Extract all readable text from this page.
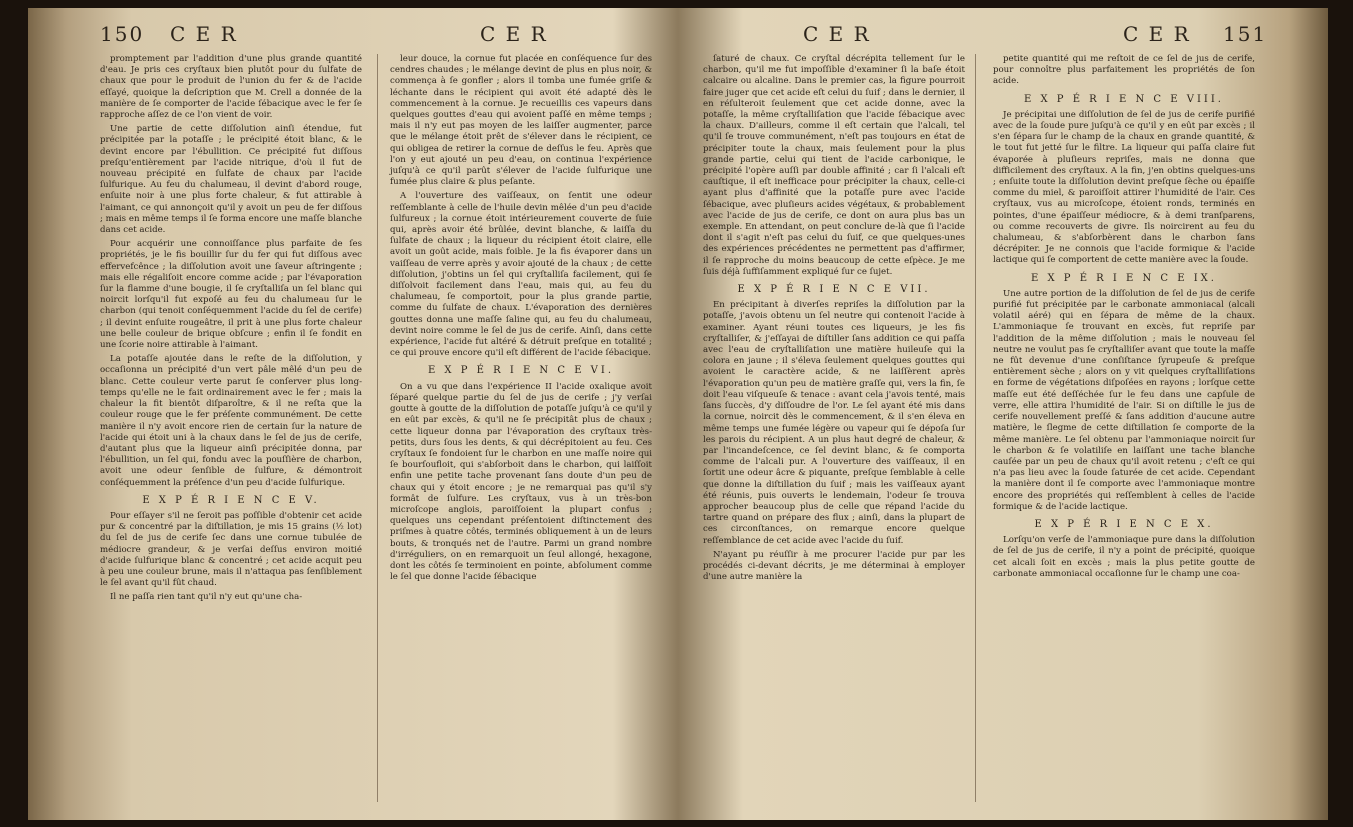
150 C E R	C E R

promptement par l'addition d'une plus grande quantité d'eau. Je pris ces cryſtaux bien plutôt pour du ſulfate de chaux que pour le produit de l'union du fer & de l'acide eſſayé, quoique la deſcription que M. Crell a donnée de la manière de ſe comporter de l'acide ſébacique avec le fer ſe rapproche aſſez de ce l'on vient de voir.

Une partie de cette diſſolution ainſi étendue, fut précipitée par la potaſſe ; le précipité étoit blanc, & le devint encore par l'ébullition. Ce précipité fut diſſous preſqu'entièrement par l'acide nitrique, d'où il fut de nouveau précipité en ſulfate de chaux par l'acide ſulfurique. Au feu du chalumeau, il devint d'abord rouge, enſuite noir à une plus forte chaleur, & fut attirable à l'aimant, ce qui annonçoit qu'il y avoit un peu de fer diſſous ; mais en même temps il ſe forma encore une maſſe blanche dans cet acide.

Pour acquérir une connoiſſance plus parfaite de ſes propriétés, je le fis bouillir ſur du fer qui fut diſſous avec effervefcênce ; la diſſolution avoit une ſaveur aſtringente ; mais elle régaliſoit encore comme acide ; par l'évaporation ſur la flamme d'une bougie, il ſe cryſtalliſa un ſel blanc qui noircit lorſqu'il fut expoſé au feu du chalumeau ſur le charbon (qui tenoit conſéquemment l'acide du ſel de cerife) ; il devint enſuite rougeâtre, il prit à une plus forte chaleur une belle couleur de brique obſcure ; enfin il ſe fondit en une ſcorie noire attirable à l'aimant.

La potaſſe ajoutée dans le reſte de la diſſolution, y occaſionna un précipité d'un vert pâle mêlé d'un peu de blanc. Cette couleur verte parut ſe conſerver plus long-temps qu'elle ne le fait ordinairement avec le fer ; mais la chaleur la fit bientôt diſparoître, & il ne reſta que la couleur rouge que le fer préſente communément. De cette manière il n'y avoit encore rien de certain ſur la nature de l'acide qui étoit uni à la chaux dans le ſel de jus de cerife, d'autant plus que la liqueur ainſi précipitée donna, par l'ébullition, un ſel qui, fondu avec la pouſſière de charbon, avoit une odeur ſenſible de ſulfure, & démontroit conſéquemment la préſence d'un peu d'acide ſulfurique.

E X P É R I E N C E V.

Pour eſſayer s'il ne ſeroit pas poſſible d'obtenir cet acide pur & concentré par la diſtillation, je mis 15 grains (½ lot) du ſel de jus de cerife ſec dans une cornue tubulée de médiocre grandeur, & je verſai deſſus environ moitié d'acide ſulfurique blanc & concentré ; cet acide acquit peu à peu une couleur brune, mais il n'attaqua pas ſenſiblement le ſel avant qu'il fût chaud.

Il ne paſſa rien tant qu'il n'y eut qu'une cha-

leur douce, la cornue fut placée en conſéquence ſur des cendres chaudes ; le mélange devint de plus en plus noir, & commença à ſe gonfler ; alors il tomba une fumée griſe & léchante dans le récipient qui avoit été adapté dès le commencement à la cornue. Je recueillis ces vapeurs dans quelques gouttes d'eau qui avoient paſſé en même temps ; mais il n'y eut pas moyen de les laiſſer augmenter, parce que le mélange étoit prêt de s'élever dans le récipient, ce qui obligea de retirer la cornue de deſſus le feu. Après que l'on y eut ajouté un peu d'eau, on continua l'expérience juſqu'à ce qu'il parût s'élever de l'acide ſulfurique une fumée plus claire & plus peſante.

A l'ouverture des vaiſſeaux, on ſentit une odeur reſſemblante à celle de l'huile devin mêlée d'un peu d'acide ſulfureux ; la cornue étoit intérieurement couverte de ſuie qui, après avoir été brûlée, devint blanche, & laiſſa du ſulfate de chaux ; la liqueur du récipient étoit claire, elle avoit un goût acide, mais foible. Je la fis évaporer dans un vaiſſeau de verre après y avoir ajouté de la chaux ; de cette diſſolution, j'obtins un ſel qui cryſtalliſa facilement, qui ſe diſſolvoit facilement dans l'eau, mais qui, au feu du chalumeau, ſe comportoit, pour la plus grande partie, comme du ſulfate de chaux. L'évaporation des dernières gouttes donna une maſſe ſaline qui, au feu du chalumeau, devint noire comme le ſel de jus de cerife. Ainſi, dans cette expérience, l'acide fut altéré & détruit preſque en totalité ; ce qui prouve encore qu'il eſt différent de l'acide ſébacique.

E X P É R I E N C E VI.

On a vu que dans l'expérience II l'acide oxalique avoit ſéparé quelque partie du ſel de jus de cerife ; j'y verſai goutte à goutte de la diſſolution de potaſſe juſqu'à ce qu'il y en eût par excès, & qu'il ne ſe précipitât plus de chaux ; cette liqueur donna par l'évaporation des cryſtaux très-petits, durs ſous les dents, & qui décrépitoient au feu. Ces cryſtaux ſe fondoient ſur le charbon en une maſſe noire qui ſe bourſoufloit, qui s'abſorboit dans le charbon, qui laiſſoit enfin une petite tache provenant ſans doute d'un peu de chaux qui y étoit encore ; je ne remarquai pas qu'il s'y formât de ſulfure. Les cryſtaux, vus à un très-bon microſcope anglois, paroiſſoient la plupart confus ; quelques uns cependant préſentoient diſtinctement des priſmes à quatre côtés, terminés obliquement à un de leurs bouts, & tronqués net de l'autre. Parmi un grand nombre d'irréguliers, on en remarquoit un ſeul allongé, hexagone, dont les côtés ſe terminoient en pointe, abſolument comme le ſel que donne l'acide ſébacique

C E R	C E R 151

ſaturé de chaux. Ce cryſtal décrépita tellement ſur le charbon, qu'il me fut impoſſible d'examiner ſi la baſe étoit calcaire ou alcaline. Dans le premier cas, la figure pourroit faire juger que cet acide eſt celui du ſuif ; dans le dernier, il en réſulteroit ſeulement que cet acide donne, avec la potaſſe, la même cryſtalliſation que l'acide ſébacique avec la chaux. D'ailleurs, comme il eſt certain que l'alcali, tel qu'il ſe trouve communément, n'eſt pas toujours en état de précipiter toute la chaux, mais ſeulement pour la plus grande partie, celui qui tient de l'acide carbonique, le précipité l'opère auſſi par double affinité ; car ſi l'alcali eſt cauſtique, il eſt inefficace pour précipiter la chaux, celle-ci ayant plus d'affinité que la potaſſe pure avec l'acide ſébacique, avec pluſieurs acides végétaux, & probablement avec l'acide de jus de cerife, ce dont on aura plus bas un exemple. En attendant, on peut conclure de-là que ſi l'acide dont il s'agit n'eſt pas celui du ſuif, ce que quelques-unes des expériences précédentes ne permettent pas d'affirmer, il ſe rapproche du moins beaucoup de cette eſpèce. Je me ſuis déjà ſuffiſamment expliqué ſur ce ſujet.

E X P É R I E N C E VII.

En précipitant à diverſes repriſes la diſſolution par la potaſſe, j'avois obtenu un ſel neutre qui contenoit l'acide à examiner. Ayant réuni toutes ces liqueurs, je les fis cryſtalliſer, & j'eſſayai de diſtiller ſans addition ce qui paſſa avec l'eau de cryſtalliſation une matière huileuſe qui la colora en jaune ; il s'éleva ſeulement quelques gouttes qui avoient le caractère acide, & ne laiſſèrent après l'évaporation qu'un peu de matière graſſe qui, vers la fin, ſe doit l'eau viſqueuſe & tenace : avant cela j'avois tenté, mais ſans ſuccès, d'y diſſoudre de l'or. Le ſel ayant été mis dans la cornue, noircit dès le commencement, & il s'en éleva en même temps une fumée légère ou vapeur qui ſe dépoſa ſur les parois du récipient. A un plus haut degré de chaleur, & par l'incandeſcence, ce ſel devint blanc, & ſe comporta comme de l'alcali pur. A l'ouverture des vaiſſeaux, il en ſortit une odeur âcre & piquante, preſque ſemblable à celle que donne la diſtillation du ſuif ; mais les vaiſſeaux ayant été réunis, puis ouverts le lendemain, l'odeur ſe trouva approcher beaucoup plus de celle que répand l'acide du tartre quand on prépare des flux ; ainſi, dans la plupart de ces circonſtances, on remarque encore quelque reſſemblance de cet acide avec l'acide du ſuif.

N'ayant pu réuſſir à me procurer l'acide pur par les procédés ci-devant décrits, je me déterminai à employer d'une autre manière la

petite quantité qui me reſtoit de ce ſel de jus de cerife, pour connoître plus parfaitement les propriétés de ſon acide.

E X P É R I E N C E VIII.

Je précipitai une diſſolution de ſel de jus de cerife purifié avec de la ſoude pure juſqu'à ce qu'il y en eût par excès ; il s'en ſépara ſur le champ de la chaux en grande quantité, & le tout fut jetté ſur le filtre. La liqueur qui paſſa claire fut évaporée à pluſieurs repriſes, mais ne donna que difficilement des cryſtaux. A la fin, j'en obtins quelques-uns ; enſuite toute la diſſolution devint preſque ſèche ou épaiſſe comme du miel, & paroiſſoit attirer l'humidité de l'air. Ces cryſtaux, vus au microſcope, étoient ronds, terminés en pointes, d'une épaiſſeur médiocre, & à demi tranſparens, ou comme recouverts de givre. Ils noircirent au feu du chalumeau, & s'abſorbèrent dans le charbon ſans décrépiter. Je ne connois que l'acide formique & l'acide lactique qui ſe comportent de cette manière avec la ſoude.

E X P É R I E N C E IX.

Une autre portion de la diſſolution de ſel de jus de cerife purifié fut précipitée par le carbonate ammoniacal (alcali volatil aéré) qui en ſépara de même de la chaux. L'ammoniaque ſe trouvant en excès, fut repriſe par l'addition de la même diſſolution ; mais le nouveau ſel neutre ne voulut pas ſe cryſtalliſer avant que toute la maſſe ne fût devenue d'une conſiſtance ſyrupeuſe & preſque entièrement sèche ; alors on y vit quelques cryſtalliſations en forme de végétations diſpoſées en rayons ; lorſque cette maſſe eut été deſſéchée ſur le feu dans une capſule de verre, elle attira l'humidité de l'air. Si on diſtille le jus de cerife nouvellement preſſé & ſans addition d'aucune autre matière, le ſlegme de cette diſtillation ſe comporte de la même manière. Le ſel obtenu par l'ammoniaque noircit ſur le charbon & ſe volatiliſe en laiſſant une tache blanche cauſée par un peu de chaux qu'il avoit retenu ; c'eſt ce qui n'a pas lieu avec la ſoude ſaturée de cet acide. Cependant la manière dont il ſe comporte avec l'ammoniaque montre encore des propriétés qui reſſemblent à celles de l'acide formique & de l'acide lactique.

E X P É R I E N C E X.

Lorſqu'on verſe de l'ammoniaque pure dans la diſſolution de ſel de jus de cerife, il n'y a point de précipité, quoique cet alcali ſoit en excès ; mais la plus petite goutte de carbonate ammoniacal occaſionne ſur le champ une coa-
